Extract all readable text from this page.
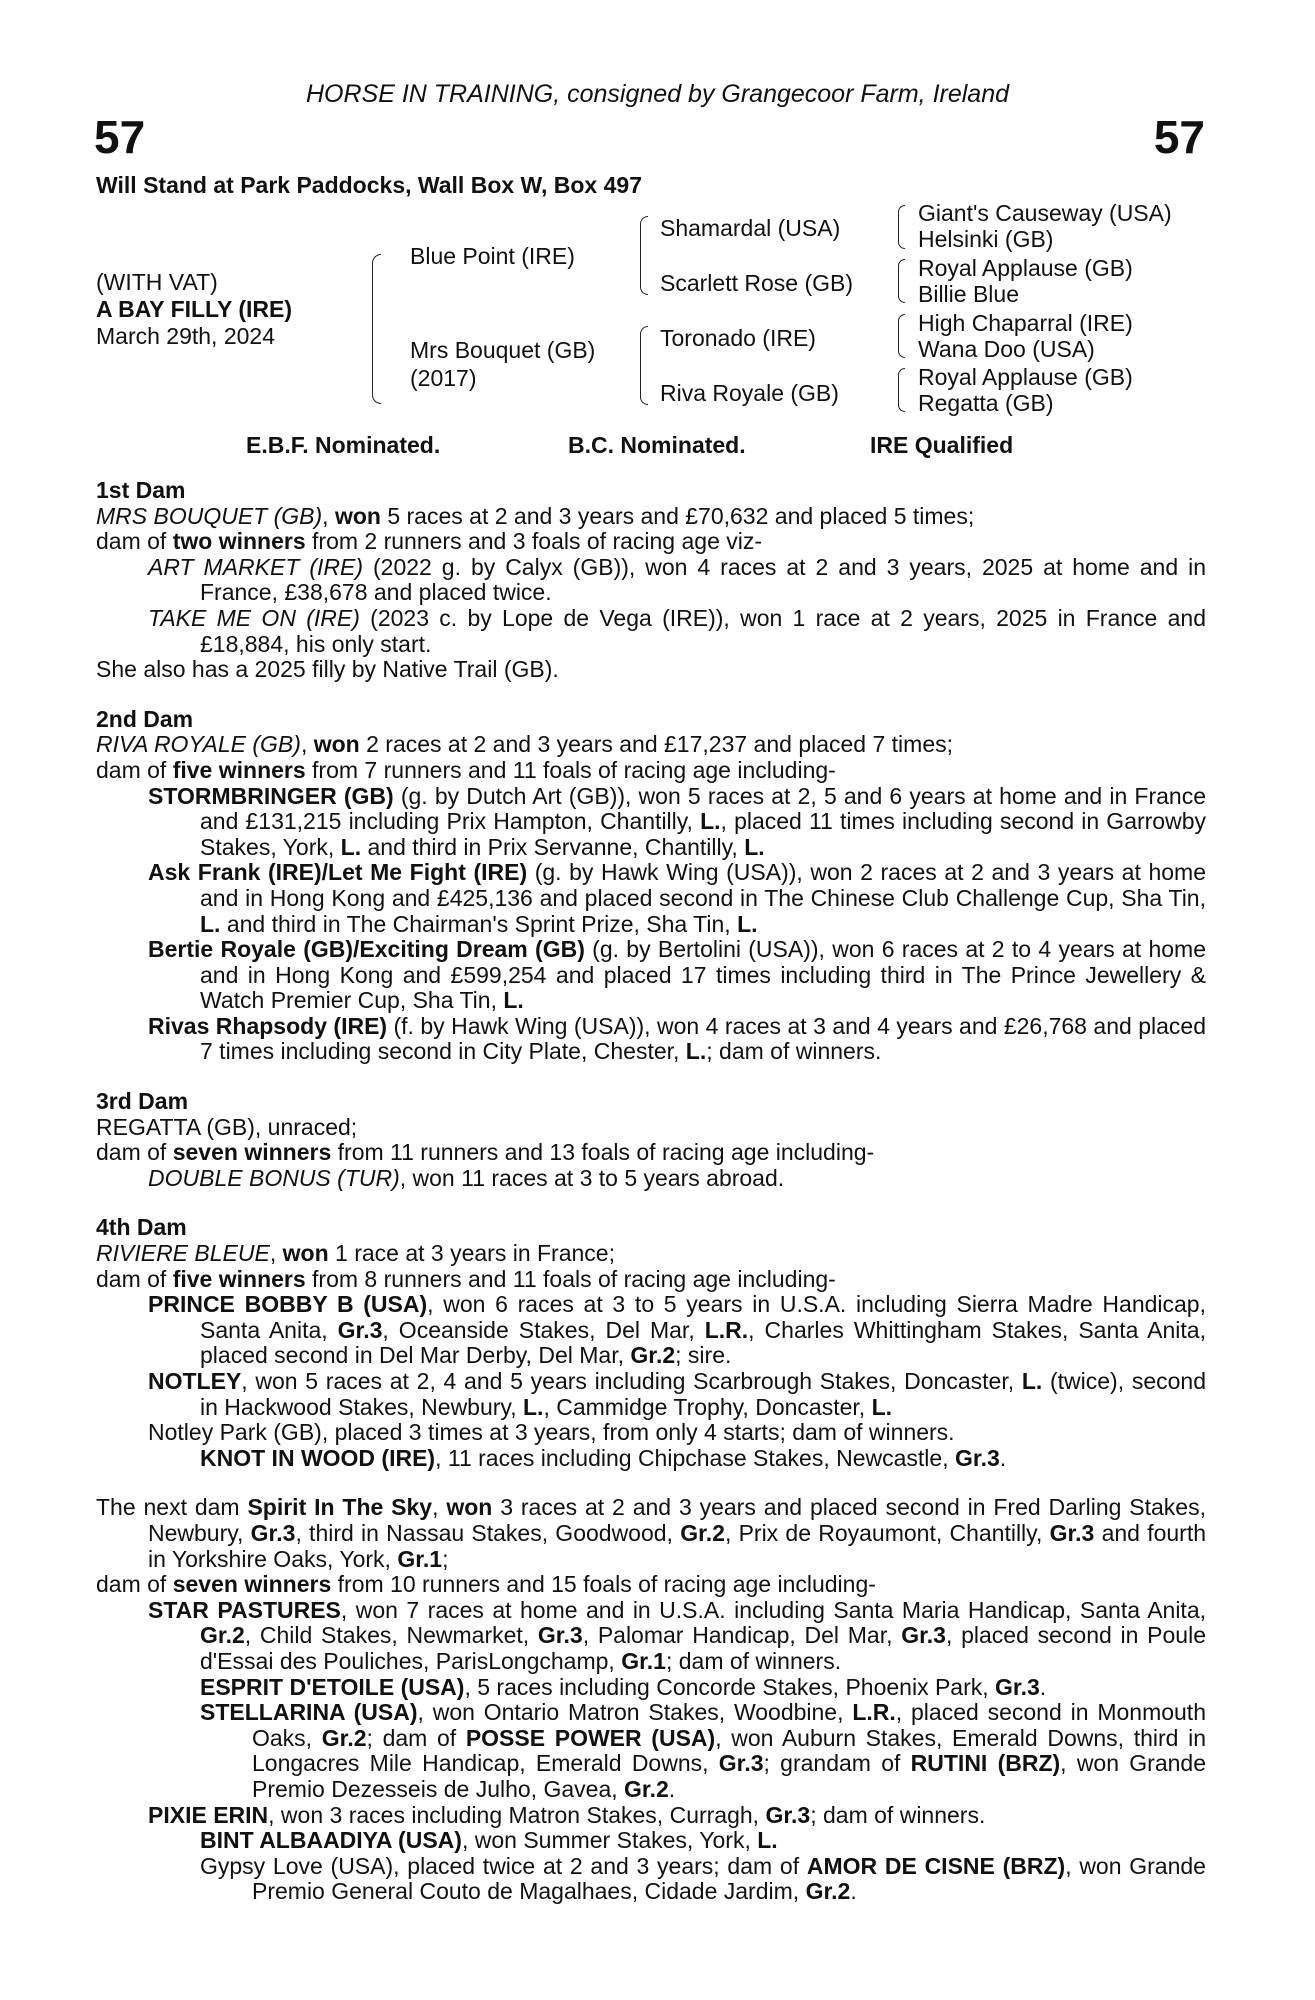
HORSE IN TRAINING, consigned by Grangecoor Farm, Ireland
57	57
Will Stand at Park Paddocks, Wall Box W, Box 497
(WITH VAT)
A BAY FILLY (IRE)
March 29th, 2024
Blue Point (IRE)
Mrs Bouquet (GB)
(2017)
Shamardal (USA)
Scarlett Rose (GB)
Toronado (IRE)
Riva Royale (GB)
Giant's Causeway (USA)
Helsinki (GB)
Royal Applause (GB)
Billie Blue
High Chaparral (IRE)
Wana Doo (USA)
Royal Applause (GB)
Regatta (GB)
E.B.F. Nominated.	B.C. Nominated.	IRE Qualified
1st Dam
MRS BOUQUET (GB), won 5 races at 2 and 3 years and £70,632 and placed 5 times;
dam of two winners from 2 runners and 3 foals of racing age viz-
ART MARKET (IRE) (2022 g. by Calyx (GB)), won 4 races at 2 and 3 years, 2025 at home and in France, £38,678 and placed twice.
TAKE ME ON (IRE) (2023 c. by Lope de Vega (IRE)), won 1 race at 2 years, 2025 in France and £18,884, his only start.
She also has a 2025 filly by Native Trail (GB).
2nd Dam
RIVA ROYALE (GB), won 2 races at 2 and 3 years and £17,237 and placed 7 times;
dam of five winners from 7 runners and 11 foals of racing age including-
STORMBRINGER (GB) (g. by Dutch Art (GB)), won 5 races at 2, 5 and 6 years at home and in France and £131,215 including Prix Hampton, Chantilly, L., placed 11 times including second in Garrowby Stakes, York, L. and third in Prix Servanne, Chantilly, L.
Ask Frank (IRE)/Let Me Fight (IRE) (g. by Hawk Wing (USA)), won 2 races at 2 and 3 years at home and in Hong Kong and £425,136 and placed second in The Chinese Club Challenge Cup, Sha Tin, L. and third in The Chairman's Sprint Prize, Sha Tin, L.
Bertie Royale (GB)/Exciting Dream (GB) (g. by Bertolini (USA)), won 6 races at 2 to 4 years at home and in Hong Kong and £599,254 and placed 17 times including third in The Prince Jewellery & Watch Premier Cup, Sha Tin, L.
Rivas Rhapsody (IRE) (f. by Hawk Wing (USA)), won 4 races at 3 and 4 years and £26,768 and placed 7 times including second in City Plate, Chester, L.; dam of winners.
3rd Dam
REGATTA (GB), unraced;
dam of seven winners from 11 runners and 13 foals of racing age including-
DOUBLE BONUS (TUR), won 11 races at 3 to 5 years abroad.
4th Dam
RIVIERE BLEUE, won 1 race at 3 years in France;
dam of five winners from 8 runners and 11 foals of racing age including-
PRINCE BOBBY B (USA), won 6 races at 3 to 5 years in U.S.A. including Sierra Madre Handicap, Santa Anita, Gr.3, Oceanside Stakes, Del Mar, L.R., Charles Whittingham Stakes, Santa Anita, placed second in Del Mar Derby, Del Mar, Gr.2; sire.
NOTLEY, won 5 races at 2, 4 and 5 years including Scarbrough Stakes, Doncaster, L. (twice), second in Hackwood Stakes, Newbury, L., Cammidge Trophy, Doncaster, L.
Notley Park (GB), placed 3 times at 3 years, from only 4 starts; dam of winners.
KNOT IN WOOD (IRE), 11 races including Chipchase Stakes, Newcastle, Gr.3.
The next dam Spirit In The Sky, won 3 races at 2 and 3 years and placed second in Fred Darling Stakes, Newbury, Gr.3, third in Nassau Stakes, Goodwood, Gr.2, Prix de Royaumont, Chantilly, Gr.3 and fourth in Yorkshire Oaks, York, Gr.1;
dam of seven winners from 10 runners and 15 foals of racing age including-
STAR PASTURES, won 7 races at home and in U.S.A. including Santa Maria Handicap, Santa Anita, Gr.2, Child Stakes, Newmarket, Gr.3, Palomar Handicap, Del Mar, Gr.3, placed second in Poule d'Essai des Pouliches, ParisLongchamp, Gr.1; dam of winners.
ESPRIT D'ETOILE (USA), 5 races including Concorde Stakes, Phoenix Park, Gr.3.
STELLARINA (USA), won Ontario Matron Stakes, Woodbine, L.R., placed second in Monmouth Oaks, Gr.2; dam of POSSE POWER (USA), won Auburn Stakes, Emerald Downs, third in Longacres Mile Handicap, Emerald Downs, Gr.3; grandam of RUTINI (BRZ), won Grande Premio Dezesseis de Julho, Gavea, Gr.2.
PIXIE ERIN, won 3 races including Matron Stakes, Curragh, Gr.3; dam of winners.
BINT ALBAADIYA (USA), won Summer Stakes, York, L.
Gypsy Love (USA), placed twice at 2 and 3 years; dam of AMOR DE CISNE (BRZ), won Grande Premio General Couto de Magalhaes, Cidade Jardim, Gr.2.
